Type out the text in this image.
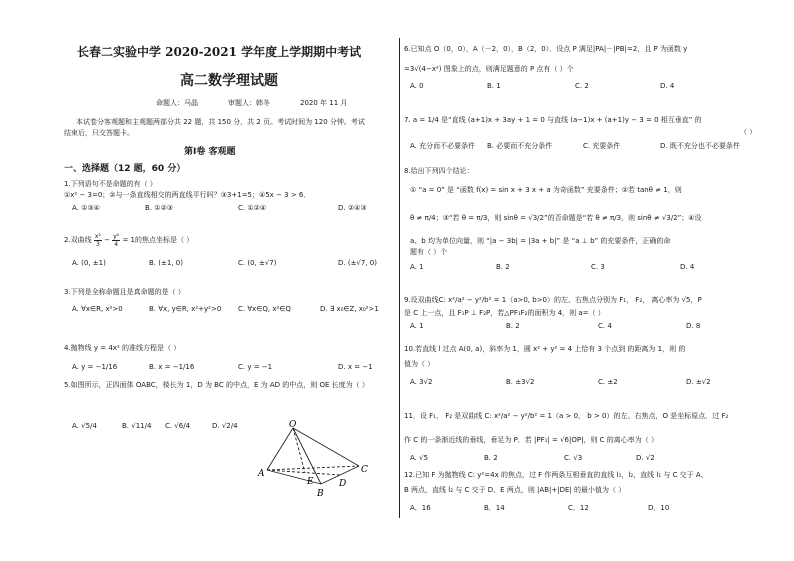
长春二实验中学 2020-2021 学年度上学期期中考试
高二数学理试题
命题人：马晶	审题人：韩冬	2020 年 11 月
本试卷分客观题和主观题两部分共 22 题，共 150 分，共 2 页。考试时间为 120 分钟。考试
结束后，只交答题卡。
第Ⅰ卷 客观题
一、选择题（12 题，60 分）
1.下列语句不是命题的有（ ）
①x² − 3=0；②与一条直线相交的两直线平行吗？③3+1=5；④5x − 3 > 6．
A. ①③④	B. ①②③	C. ①②④	D. ②④③
2.双曲线 $\frac{\text{x²}}{3} - \frac{\text{y²}}{4} = 1$的焦点坐标是（ ）
A. (0, ±1)	B. (±1, 0)	C. (0, ±√7)	D. (±√7, 0)
3.下列是全称命题且是真命题的是（ ）
A. ∀x∈R, x²>0	B. ∀x, y∈R, x²+y²>0 C. ∀x∈Q, x²∈Q	D. ∃ x₀∈Z, x₀²>1
4.抛物线 y = 4x² 的准线方程是（ ）
A. y = −1/16	B. x = −1/16	C. y = −1	D. x = −1
5.如图所示，正四面体 OABC，棱长为 1，D 为 BC 的中点，E 为 AD 的中点，则 OE 长度为（ ）
A. √5/4	B. √11/4 C. √6/4	D. √2/4	O
A
B
C
D
E
6.已知点 O（0，0），A（－2，0），B（2，0）．设点 P 满足|PA|－|PB|=2，且 P 为函数 y
=3√(4−x²) 图象上的点，则满足题意的 P 点有（ ）个
A. 0	B. 1	C. 2	D. 4
7. a = 1/4 是“直线 (a+1)x + 3ay + 1 = 0 与直线 (a−1)x + (a+1)y − 3 = 0 相互垂直” 的
（ ）
A. 充分而不必要条件 B. 必要而不充分条件	C. 充要条件	D. 既不充分也不必要条件
8.给出下列四个结论：
① “a = 0” 是 “函数 f(x) = sin x + 3 x + a 为奇函数” 充要条件；②若 tanθ ≠ 1，则
θ ≠ π/4；③“若 θ = π/3，则 sinθ = √3/2”的否命题是“若 θ ≠ π/3，则 sinθ ≠ √3/2”；④设
a、b 均为单位向量，则 “|a − 3b| = |3a + b|” 是 “a ⊥ b” 的充要条件，正确的命
题有（ ）个
A. 1	B. 2	C. 3	D. 4
9.设双曲线C: x²/a² − y²/b² = 1（a>0, b>0）的左、右焦点分别为 F₁， F₂， 离心率为 √5，P
是 C 上一点，且 F₁P ⊥ F₂P，若△PF₁F₂的面积为 4，则 a=（ ）
A. 1	B. 2	C. 4	D. 8
10.若直线 l 过点 A(0, a)，斜率为 1，圆 x² + y² = 4 上恰有 3 个点到 的距离为 1，则 的
值为（ ）
A. 3√2	B. ±3√2	C. ±2	D. ±√2
11．设 F₁， F₂ 是双曲线 C: x²/a² − y²/b² = 1（a > 0， b > 0）的左、右焦点，O 是坐标原点．过 F₂
作 C 的一条渐近线的垂线，垂足为 P．若 |PF₁| = √6|OP|，则 C 的离心率为（ ）
A. √5	B. 2	C. √3	D. √2
12.已知 F 为抛物线 C: y²=4x 的焦点，过 F 作两条互相垂直的直线 l₁，l₂，直线 l₁ 与 C 交于 A、
B 两点，直线 l₂ 与 C 交于 D、E 两点，则 |AB|+|DE| 的最小值为（ ）
A．16	B．14	C．12	D．10
